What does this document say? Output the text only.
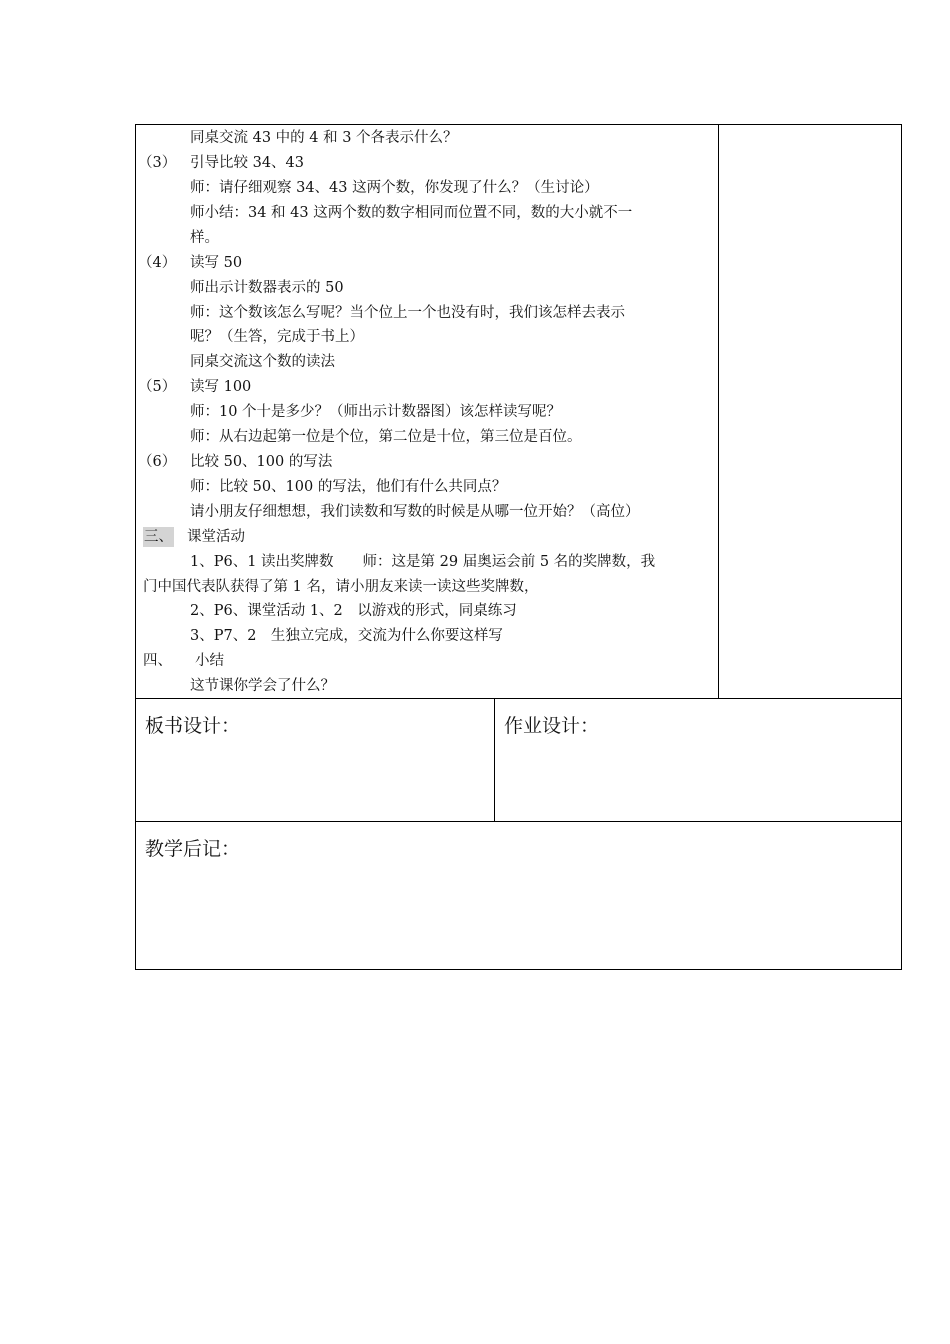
同桌交流 43 中的 4 和 3 个各表示什么？
（3） 引导比较 34、43
师：请仔细观察 34、43 这两个数，你发现了什么？（生讨论）
师小结：34 和 43 这两个数的数字相同而位置不同，数的大小就不一
样。
（4） 读写 50
师出示计数器表示的 50
师：这个数该怎么写呢？当个位上一个也没有时，我们该怎样去表示
呢？（生答，完成于书上）
同桌交流这个数的读法
（5） 读写 100
师：10 个十是多少？（师出示计数器图）该怎样读写呢？
师：从右边起第一位是个位，第二位是十位，第三位是百位。
（6） 比较 50、100 的写法
师：比较 50、100 的写法，他们有什么共同点？
请小朋友仔细想想，我们读数和写数的时候是从哪一位开始？（高位）
三、 课堂活动
1、P6、1 读出奖牌数　　师：这是第 29 届奥运会前 5 名的奖牌数，我
门中国代表队获得了第 1 名，请小朋友来读一读这些奖牌数，
2、P6、课堂活动 1、2　以游戏的形式，同桌练习
3、P7、2　生独立完成，交流为什么你要这样写
四、 小结
这节课你学会了什么？
板书设计：	作业设计：
教学后记：
